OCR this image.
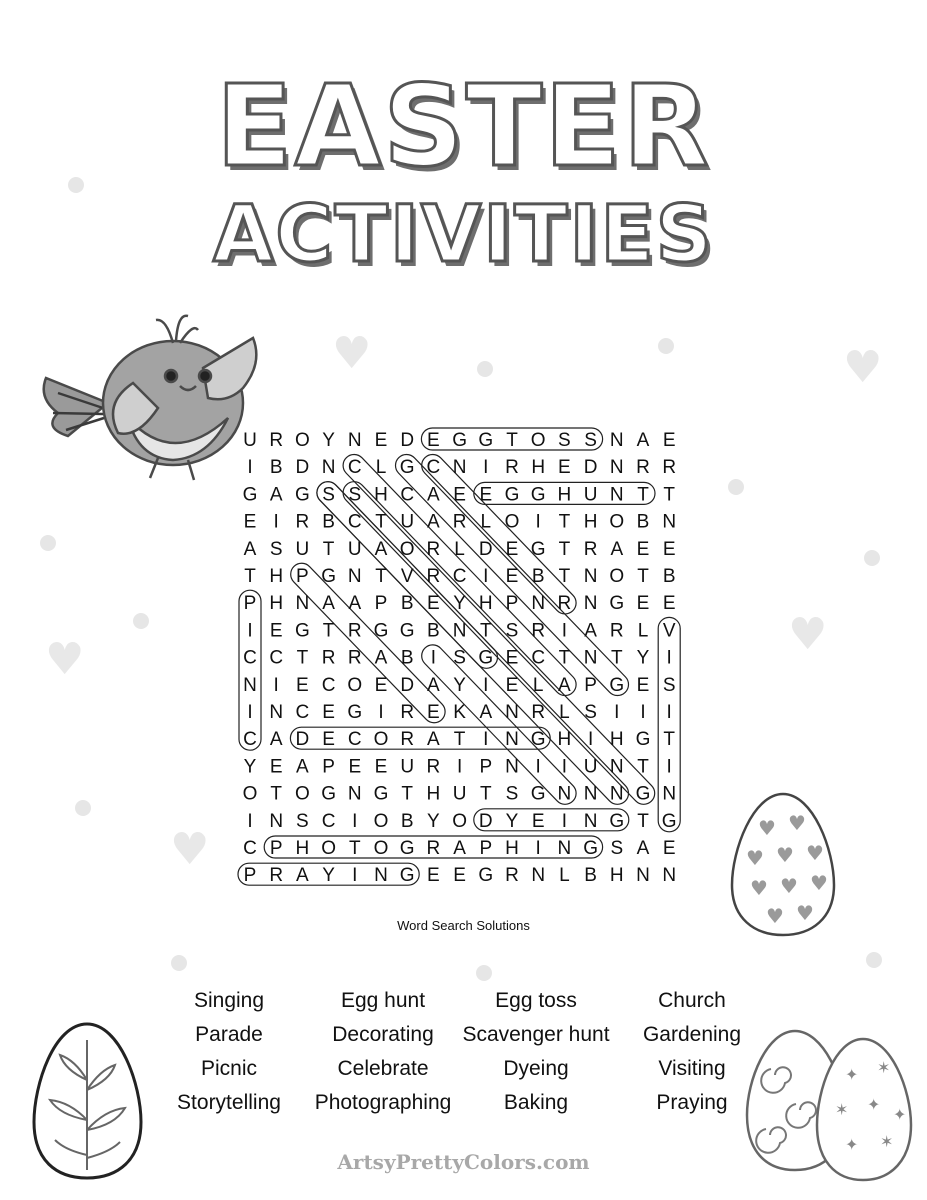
EASTER
ACTIVITIES
♥	♥
♥	♥
♥
U R O Y N E D E G G T O S S N A E
I B D N C L G C N I R H E D N R R
G A G S S H C A E E G G H U N T T
E I R B C T U A R L O I T H O B N
A S U T U A O R L D E G T R A E E
T H P G N T V R C I E B T N O T B
P H N A A P B E Y H P N R N G E E
I E G T R G G B N T S R I A R L V
C C T R R A B I S G E C T N T Y I
N I E C O E D A Y I E L A P G E S
I N C E G I R E K A N R L S I I I
C A D E C O R A T I N G H I H G T
Y E A P E E U R I P N I I U N T I
O T O G N G T H U T S G N N N G N
I N S C I O B Y O D Y E I N G T G
C P H O T O G R A P H I N G S A E
P R A Y I N G E E G R N L B H N N
Word Search Solutions
Singing	Egg hunt	Egg toss	Church
Parade	Decorating	Scavenger hunt	Gardening
Picnic	Celebrate	Dyeing	Visiting
Storytelling	Photographing	Baking	Praying
♥ ♥
♥ ♥ ♥
♥ ♥ ♥
♥ ♥
✦ ✶
✶ ✦
✦
✦ ✶
ArtsyPrettyColors.com
